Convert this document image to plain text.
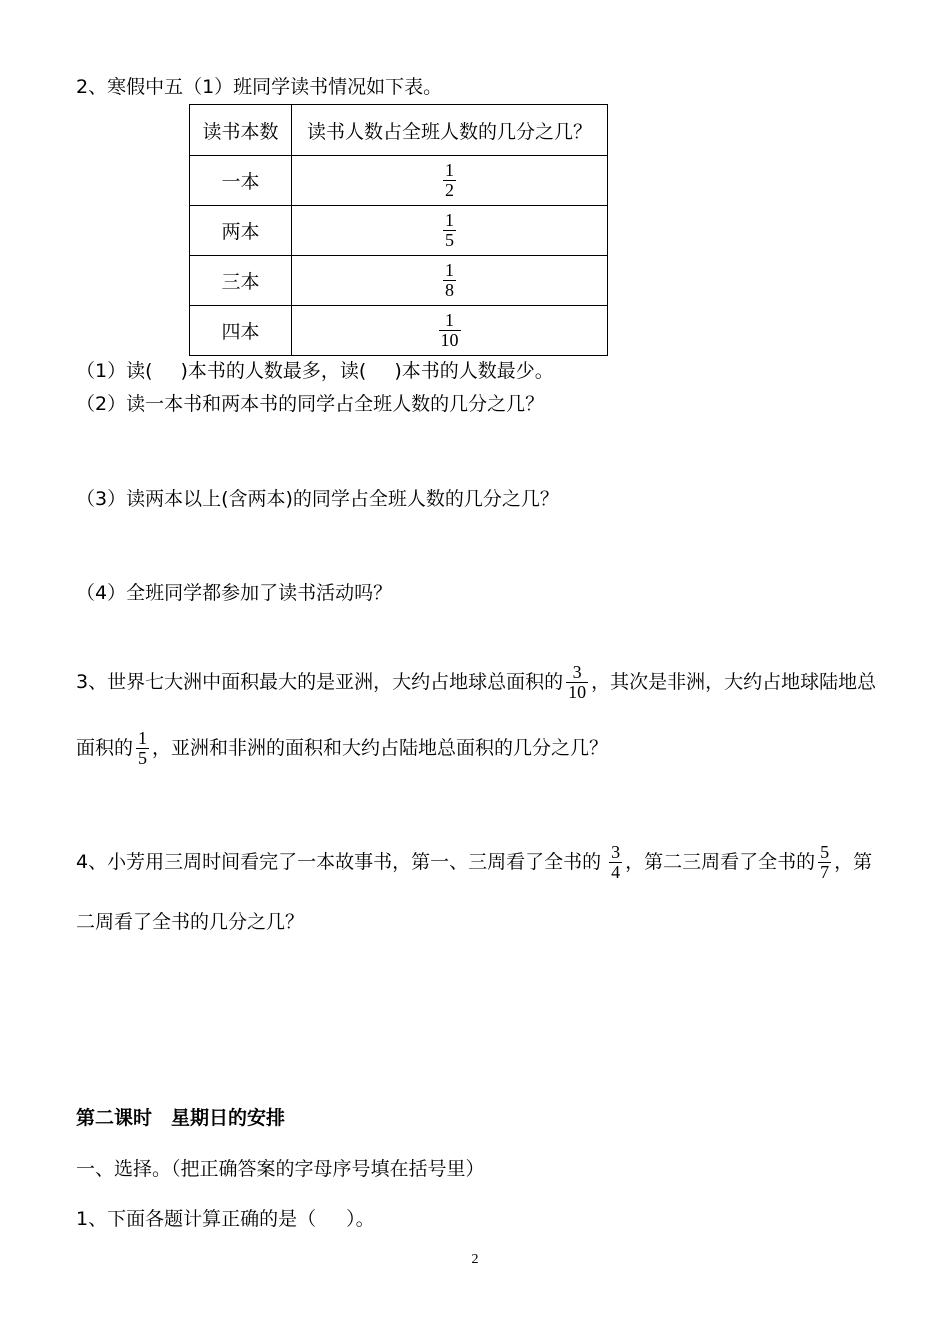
2、寒假中五（1）班同学读书情况如下表。
读书本数	读书人数占全班人数的几分之几？
一本	$\frac{1}{2}$

两本	$\frac{1}{5}$

三本	$\frac{1}{8}$

四本	$\frac{1}{10}$
（1）读( )本书的人数最多，读( )本书的人数最少。
（2）读一本书和两本书的同学占全班人数的几分之几？
（3）读两本以上(含两本)的同学占全班人数的几分之几？
（4）全班同学都参加了读书活动吗？
3、世界七大洲中面积最大的是亚洲，大约占地球总面积的 $\frac{3}{10}$ ，其次是非洲，大约占地球陆地总
面积的 $\frac{1}{5}$ ，亚洲和非洲的面积和大约占陆地总面积的几分之几？
4、小芳用三周时间看完了一本故事书，第一、三周看了全书的 $\frac{3}{4}$ ，第二三周看了全书的 $\frac{5}{7}$ ，第
二周看了全书的几分之几？
第二课时　星期日的安排
一、选择。（把正确答案的字母序号填在括号里）
1、下面各题计算正确的是（ ）。
2
